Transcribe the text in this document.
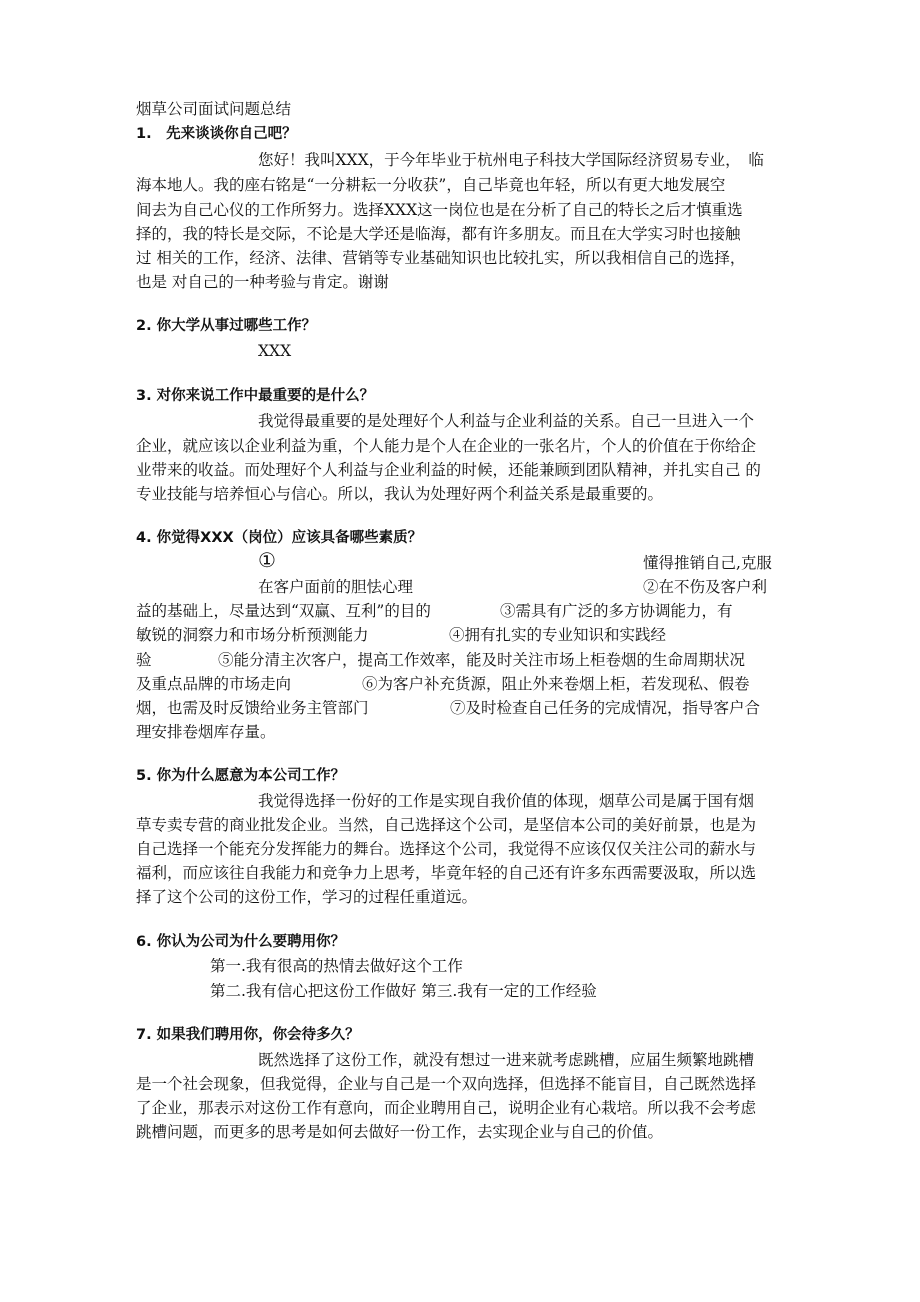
烟草公司面试问题总结
1.　先来谈谈你自己吧？
您好！我叫XXX，于今年毕业于杭州电子科技大学国际经济贸易专业，　临
海本地人。我的座右铭是“一分耕耘一分收获”，自己毕竟也年轻，所以有更大地发展空
间去为自己心仪的工作所努力。选择XXX这一岗位也是在分析了自己的特长之后才慎重选
择的，我的特长是交际，不论是大学还是临海，都有许多朋友。而且在大学实习时也接触
过 相关的工作，经济、法律、营销等专业基础知识也比较扎实，所以我相信自己的选择，
也是 对自己的一种考验与肯定。谢谢
2. 你大学从事过哪些工作？
XXX
3. 对你来说工作中最重要的是什么？
我觉得最重要的是处理好个人利益与企业利益的关系。自己一旦进入一个
企业，就应该以企业利益为重，个人能力是个人在企业的一张名片，个人的价值在于你给企
业带来的收益。而处理好个人利益与企业利益的时候，还能兼顾到团队精神，并扎实自己 的
专业技能与培养恒心与信心。所以，我认为处理好两个利益关系是最重要的。
4. 你觉得XXX（岗位）应该具备哪些素质？
①	懂得推销自己,克服
在客户面前的胆怯心理	②在不伤及客户利
益的基础上，尽量达到“双赢、互利”的目的	③需具有广泛的多方协调能力，有
敏锐的洞察力和市场分析预测能力	④拥有扎实的专业知识和实践经
验	⑤能分清主次客户，提高工作效率，能及时关注市场上柜卷烟的生命周期状况
及重点品牌的市场走向	⑥为客户补充货源，阻止外来卷烟上柜，若发现私、假卷
烟，也需及时反馈给业务主管部门	⑦及时检查自己任务的完成情况，指导客户合
理安排卷烟库存量。
5. 你为什么愿意为本公司工作？
我觉得选择一份好的工作是实现自我价值的体现，烟草公司是属于国有烟
草专卖专营的商业批发企业。当然，自己选择这个公司，是坚信本公司的美好前景，也是为
自己选择一个能充分发挥能力的舞台。选择这个公司，我觉得不应该仅仅关注公司的薪水与
福利，而应该往自我能力和竞争力上思考，毕竟年轻的自己还有许多东西需要汲取，所以选
择了这个公司的这份工作，学习的过程任重道远。
6. 你认为公司为什么要聘用你？
第一.我有很高的热情去做好这个工作
第二.我有信心把这份工作做好 第三.我有一定的工作经验
7. 如果我们聘用你，你会待多久？
既然选择了这份工作，就没有想过一进来就考虑跳槽，应届生频繁地跳槽
是一个社会现象，但我觉得，企业与自己是一个双向选择，但选择不能盲目，自己既然选择
了企业，那表示对这份工作有意向，而企业聘用自己，说明企业有心栽培。所以我不会考虑
跳槽问题，而更多的思考是如何去做好一份工作，去实现企业与自己的价值。
